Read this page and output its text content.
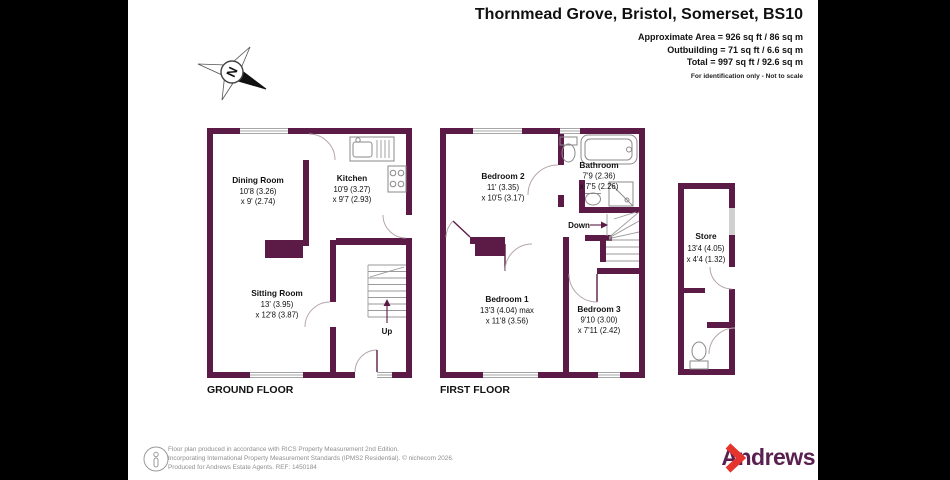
Thornmead Grove, Bristol, Somerset, BS10
Approximate Area = 926 sq ft / 86 sq m
Outbuilding = 71 sq ft / 6.6 sq m
Total = 997 sq ft / 92.6 sq m
For identification only - Not to scale
N
Dining Room
10'8 (3.26)
x 9' (2.74)
Kitchen
10'9 (3.27)
x 9'7 (2.93)
Sitting Room
13' (3.95)
x 12'8 (3.87)
Up
GROUND FLOOR
Bedroom 2
11' (3.35)
x 10'5 (3.17)
Bathroom
7'9 (2.36)
x 7'5 (2.26)
Bedroom 1
13'3 (4.04) max
x 11'8 (3.56)
Bedroom 3
9'10 (3.00)
x 7'11 (2.42)
Down
FIRST FLOOR
Store
13'4 (4.05)
x 4'4 (1.32)
Floor plan produced in accordance with RICS Property Measurement 2nd Edition.
Incorporating International Property Measurement Standards (IPMS2 Residential). © nichecom 2026.
Produced for Andrews Estate Agents. REF: 1450184	Andrews
